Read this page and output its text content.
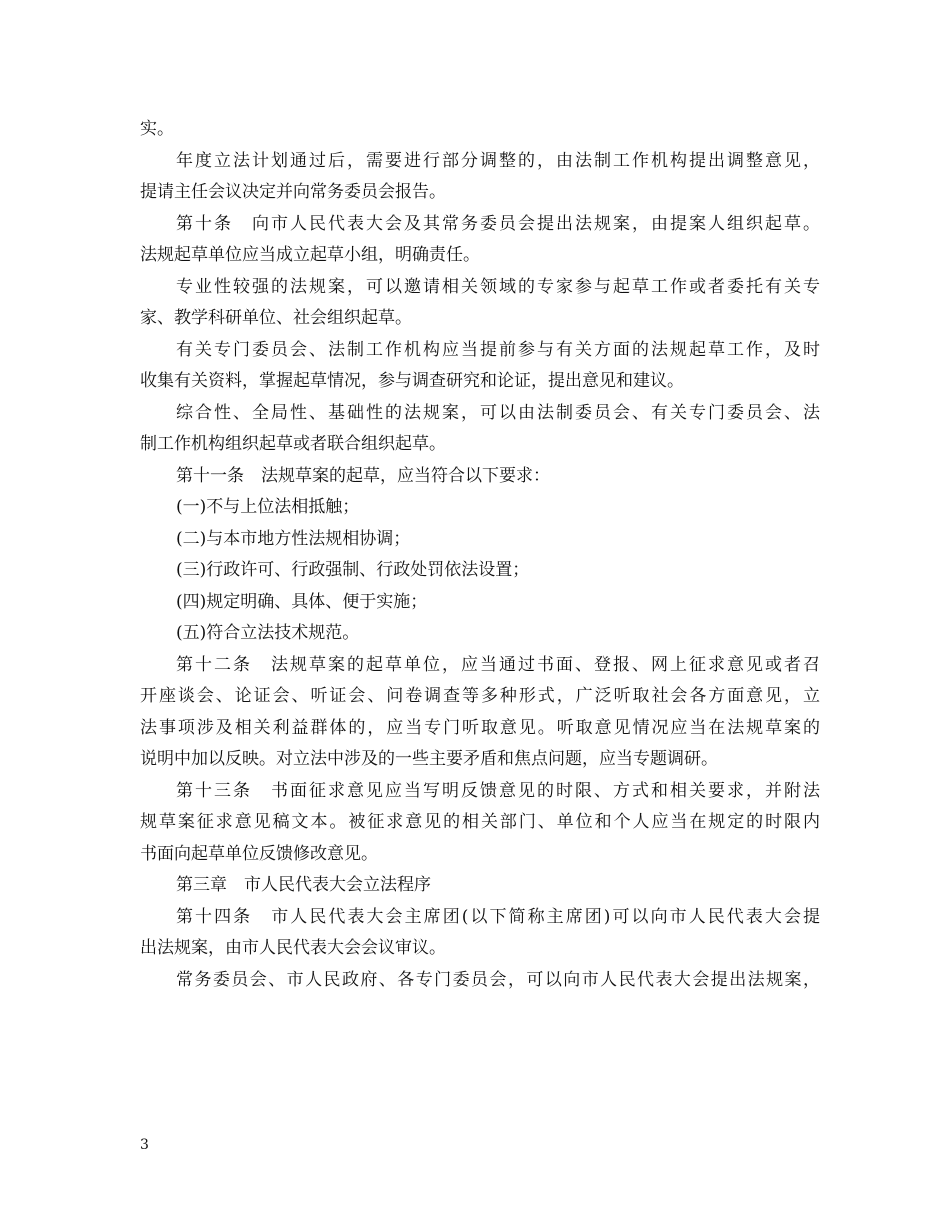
实。
年度立法计划通过后，需要进行部分调整的，由法制工作机构提出调整意见，
提请主任会议决定并向常务委员会报告。
第十条　向市人民代表大会及其常务委员会提出法规案，由提案人组织起草。
法规起草单位应当成立起草小组，明确责任。
专业性较强的法规案，可以邀请相关领域的专家参与起草工作或者委托有关专
家、教学科研单位、社会组织起草。
有关专门委员会、法制工作机构应当提前参与有关方面的法规起草工作，及时
收集有关资料，掌握起草情况，参与调查研究和论证，提出意见和建议。
综合性、全局性、基础性的法规案，可以由法制委员会、有关专门委员会、法
制工作机构组织起草或者联合组织起草。
第十一条　法规草案的起草，应当符合以下要求：
(一)不与上位法相抵触；
(二)与本市地方性法规相协调；
(三)行政许可、行政强制、行政处罚依法设置；
(四)规定明确、具体、便于实施；
(五)符合立法技术规范。
第十二条　法规草案的起草单位，应当通过书面、登报、网上征求意见或者召
开座谈会、论证会、听证会、问卷调查等多种形式，广泛听取社会各方面意见，立
法事项涉及相关利益群体的，应当专门听取意见。听取意见情况应当在法规草案的
说明中加以反映。对立法中涉及的一些主要矛盾和焦点问题，应当专题调研。
第十三条　书面征求意见应当写明反馈意见的时限、方式和相关要求，并附法
规草案征求意见稿文本。被征求意见的相关部门、单位和个人应当在规定的时限内
书面向起草单位反馈修改意见。
第三章　市人民代表大会立法程序
第十四条　市人民代表大会主席团(以下简称主席团)可以向市人民代表大会提
出法规案，由市人民代表大会会议审议。
常务委员会、市人民政府、各专门委员会，可以向市人民代表大会提出法规案，
3
